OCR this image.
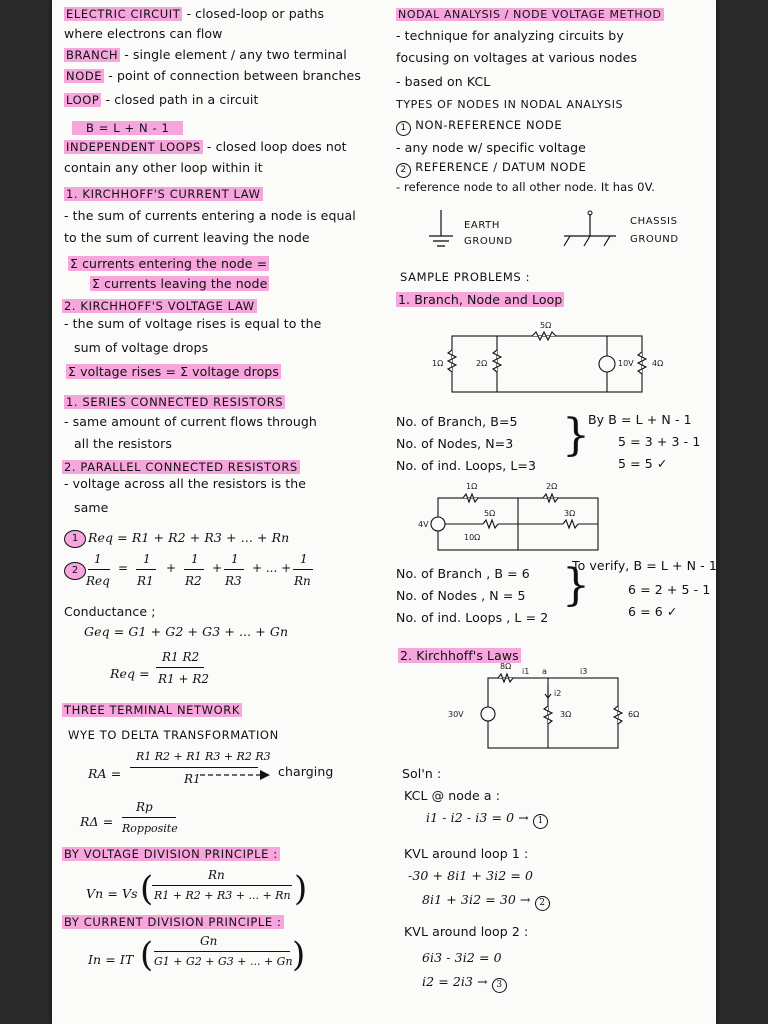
ELECTRIC CIRCUIT - closed-loop or paths
where electrons can flow
BRANCH - single element / any two terminal
NODE - point of connection between branches
LOOP - closed path in a circuit
B = L + N - 1
INDEPENDENT LOOPS - closed loop does not
contain any other loop within it
1. KIRCHHOFF'S CURRENT LAW
- the sum of currents entering a node is equal
to the sum of current leaving the node
Σ currents entering the node =
Σ currents leaving the node
2. KIRCHHOFF'S VOLTAGE LAW
- the sum of voltage rises is equal to the
sum of voltage drops
Σ voltage rises = Σ voltage drops
1. SERIES CONNECTED RESISTORS
- same amount of current flows through
all the resistors
2. PARALLEL CONNECTED RESISTORS
- voltage across all the resistors is the
same
1 Req = R1 + R2 + R3 + ... + Rn
2
1
Req
=
1
R1
+
1
R2
+
1
R3
+ ... +
1
Rn
Conductance ;
Geq = G1 + G2 + G3 + ... + Gn
Req =
R1 R2
R1 + R2
THREE TERMINAL NETWORK
WYE TO DELTA TRANSFORMATION
RA =
R1 R2 + R1 R3 + R2 R3
R1	charging
RΔ =
Rp
Ropposite
BY VOLTAGE DIVISION PRINCIPLE :
Vn = Vs (	Rn
R1 + R2 + R3 + ... + Rn )
BY CURRENT DIVISION PRINCIPLE :
In = IT (	Gn
G1 + G2 + G3 + ... + Gn )
NODAL ANALYSIS / NODE VOLTAGE METHOD
- technique for analyzing circuits by
focusing on voltages at various nodes
- based on KCL
TYPES OF NODES IN NODAL ANALYSIS
1 NON-REFERENCE NODE
- any node w/ specific voltage
2 REFERENCE / DATUM NODE
- reference node to all other node. It has 0V.
EARTH
GROUND
CHASSIS
GROUND
SAMPLE PROBLEMS :
1. Branch, Node and Loop
5Ω
1Ω	2Ω	10V 4Ω
No. of Branch, B=5
No. of Nodes, N=3
No. of ind. Loops, L=3
}
By B = L + N - 1
5 = 3 + 3 - 1
5 = 5 ✓
4V
1Ω	2Ω
5Ω
10Ω
3Ω
No. of Branch , B = 6
No. of Nodes , N = 5
No. of ind. Loops , L = 2
}
To verify, B = L + N - 1
6 = 2 + 5 - 1
6 = 6 ✓
2. Kirchhoff's Laws
30V
8Ω
3Ω	6Ω
a
i1
i2
i3
Sol'n :
KCL @ node a :
i1 - i2 - i3 = 0 → 1
KVL around loop 1 :
-30 + 8i1 + 3i2 = 0
8i1 + 3i2 = 30 → 2
KVL around loop 2 :
6i3 - 3i2 = 0
i2 = 2i3 → 3
